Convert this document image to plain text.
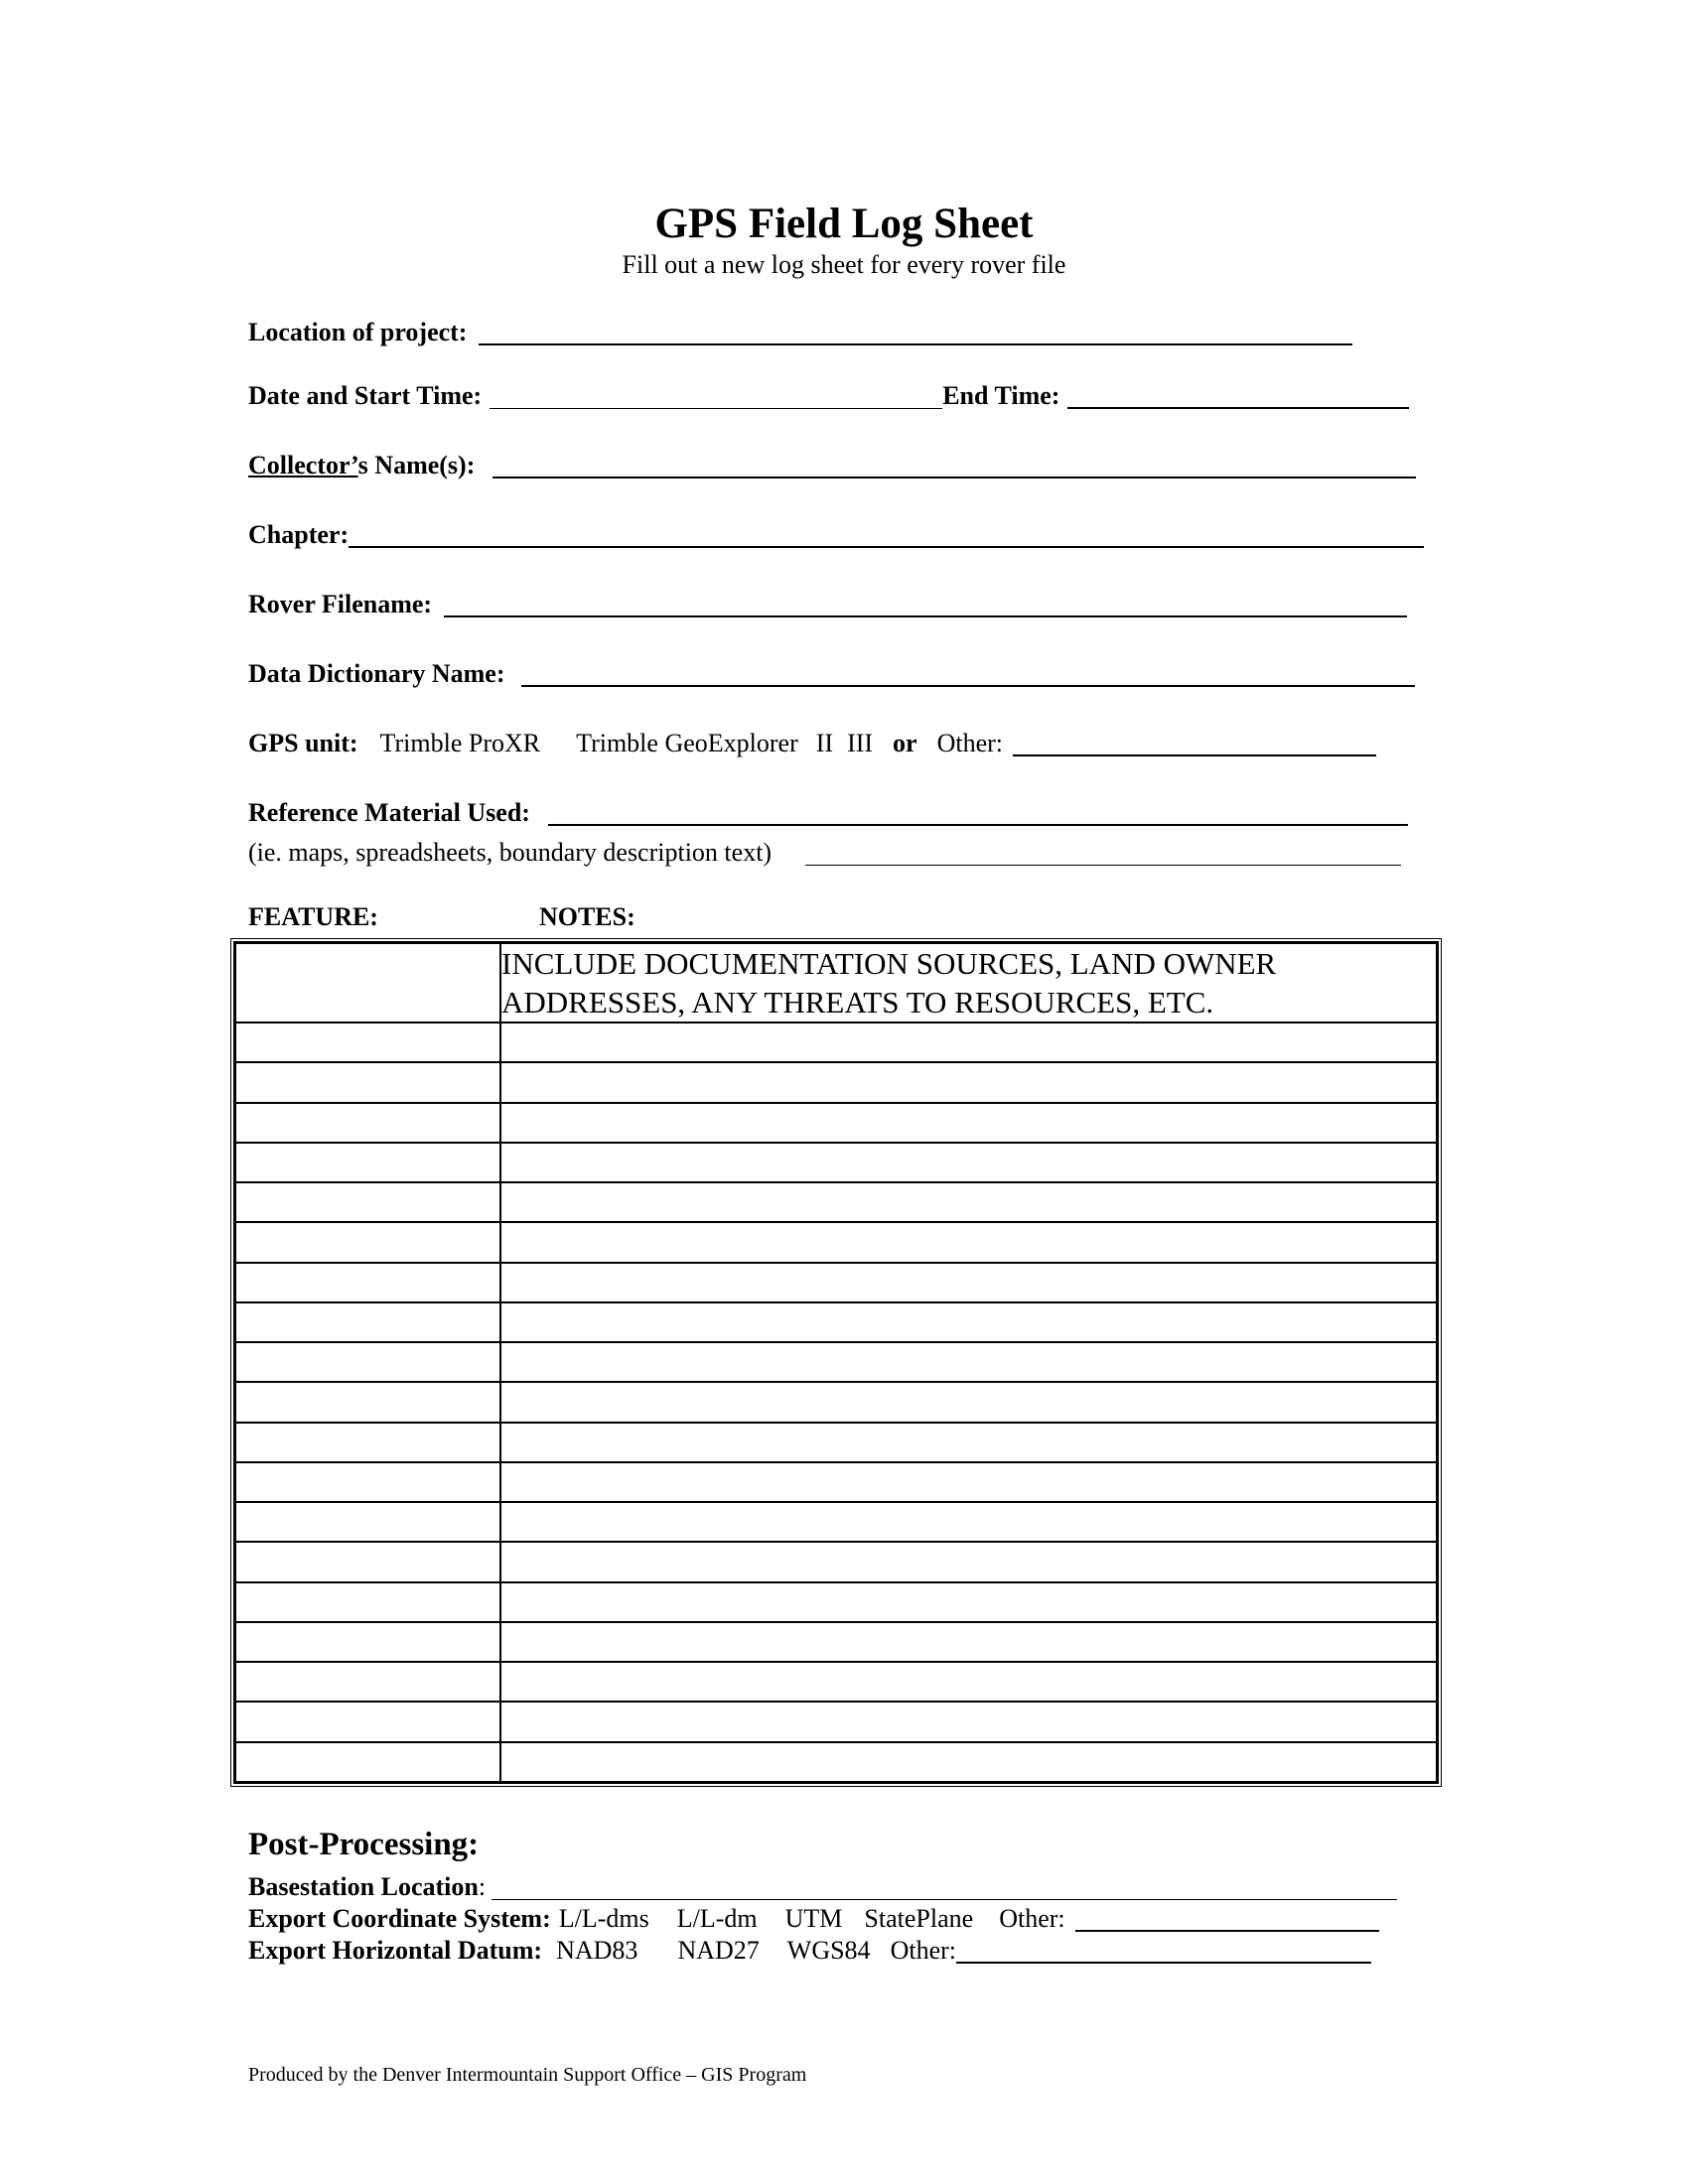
GPS Field Log Sheet
Fill out a new log sheet for every rover file
Location of project:
Date and Start Time:	End Time:
Collector’s Name(s):
Chapter:
Rover Filename:
Data Dictionary Name:
GPS unit: Trimble ProXR Trimble GeoExplorer II III or Other:
Reference Material Used:
(ie. maps, spreadsheets, boundary description text)
FEATURE:	NOTES:

	INCLUDE DOCUMENTATION SOURCES, LAND OWNER
ADDRESSES, ANY THREATS TO RESOURCES, ETC.

Post-Processing:
Basestation Location:
Export Coordinate System: L/L-dms L/L-dm UTM StatePlane Other:
Export Horizontal Datum: NAD83 NAD27 WGS84 Other:
Produced by the Denver Intermountain Support Office – GIS Program
